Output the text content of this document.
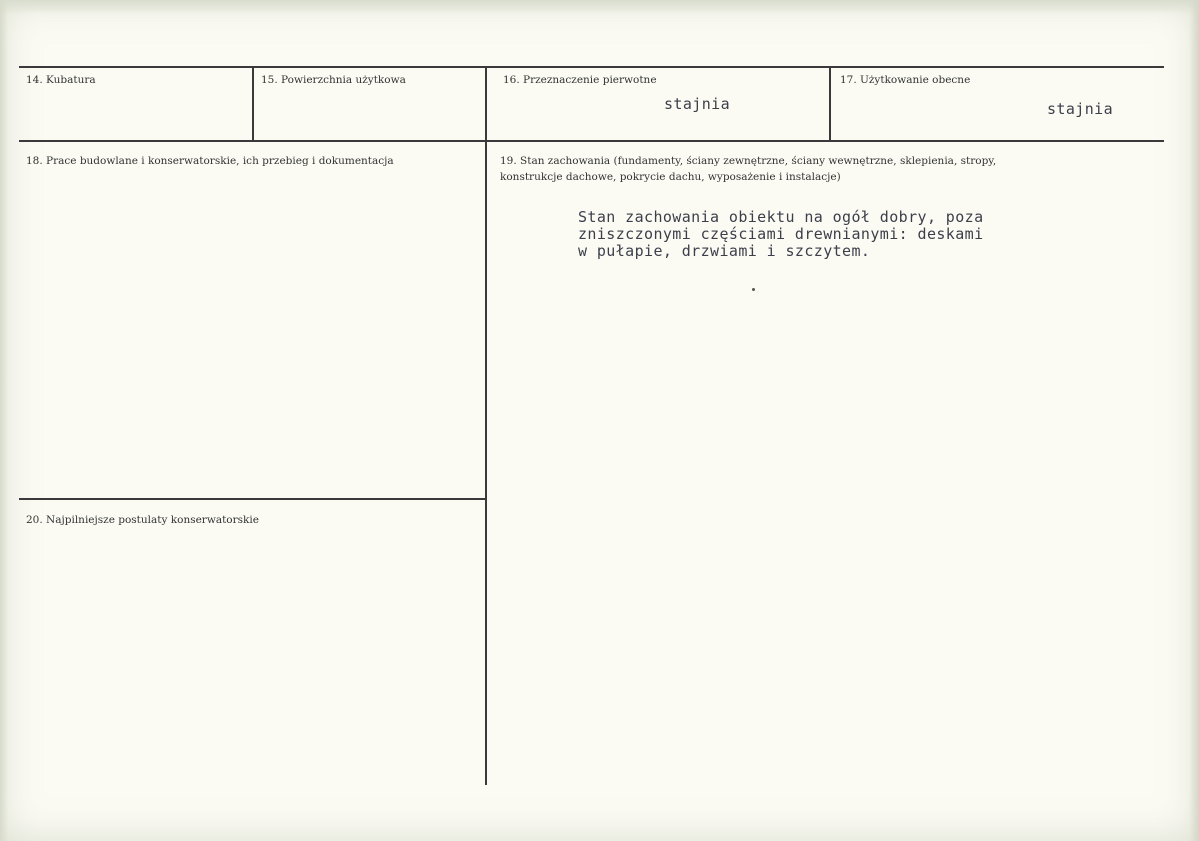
14. Kubatura	15. Powierzchnia użytkowa	16. Przeznaczenie pierwotne
stajnia
17. Użytkowanie obecne
stajnia
18. Prace budowlane i konserwatorskie, ich przebieg i dokumentacja	19. Stan zachowania (fundamenty, ściany zewnętrzne, ściany wewnętrzne, sklepienia, stropy,
konstrukcje dachowe, pokrycie dachu, wyposażenie i instalacje)
Stan zachowania obiektu na ogół dobry, poza
zniszczonymi częściami drewnianymi: deskami
w pułapie, drzwiami i szczytem.
20. Najpilniejsze postulaty konserwatorskie
